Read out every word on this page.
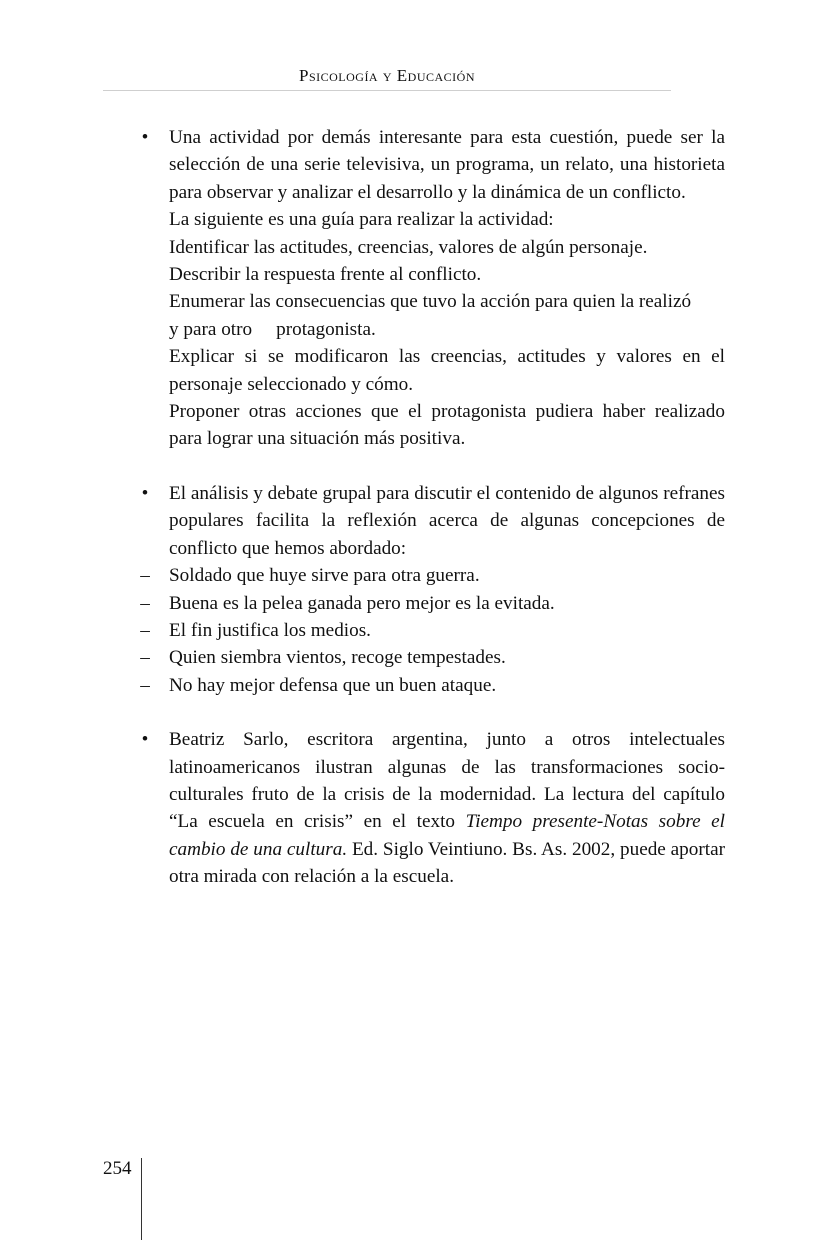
Psicología y Educación
•	Una actividad por demás interesante para esta cuestión, puede ser la selección de una serie televisiva, un programa, un relato, una historieta para observar y analizar el desarrollo y la dinámica de un conflicto.
La siguiente es una guía para realizar la actividad:
Identificar las actitudes, creencias, valores de algún personaje.
Describir la respuesta frente al conflicto.
Enumerar las consecuencias que tuvo la acción para quien la realizó
y para otro protagonista.
Explicar si se modificaron las creencias, actitudes y valores en el personaje seleccionado y cómo.
Proponer otras acciones que el protagonista pudiera haber realizado para lograr una situación más positiva.
•	El análisis y debate grupal para discutir el contenido de algunos refranes populares facilita la reflexión acerca de algunas concepciones de conflicto que hemos abordado:
– Soldado que huye sirve para otra guerra.
– Buena es la pelea ganada pero mejor es la evitada.
– El fin justifica los medios.
– Quien siembra vientos, recoge tempestades.
– No hay mejor defensa que un buen ataque.
•	Beatriz Sarlo, escritora argentina, junto a otros intelectuales latinoamericanos ilustran algunas de las transformaciones socio-culturales fruto de la crisis de la modernidad. La lectura del capítulo “La escuela en crisis” en el texto Tiempo presente-Notas sobre el cambio de una cultura. Ed. Siglo Veintiuno. Bs. As. 2002, puede aportar otra mirada con relación a la escuela.
254
